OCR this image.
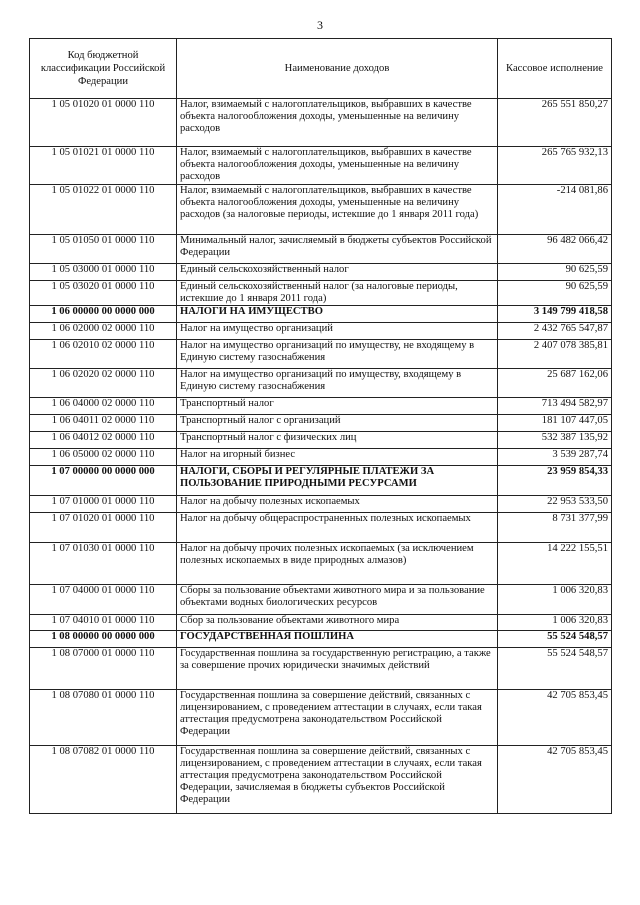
3
Код бюджетной классификации Российской Федерации	Наименование доходов	Кассовое исполнение
1 05 01020 01 0000 110	Налог, взимаемый с налогоплательщиков, выбравших в качестве объекта налогообложения доходы, уменьшенные на величину расходов	265 551 850,27
1 05 01021 01 0000 110	Налог, взимаемый с налогоплательщиков, выбравших в качестве объекта налогообложения доходы, уменьшенные на величину расходов	265 765 932,13
1 05 01022 01 0000 110	Налог, взимаемый с налогоплательщиков, выбравших в качестве объекта налогообложения доходы, уменьшенные на величину расходов (за налоговые периоды, истекшие до 1 января 2011 года)	-214 081,86
1 05 01050 01 0000 110	Минимальный налог, зачисляемый в бюджеты субъектов Российской Федерации	96 482 066,42
1 05 03000 01 0000 110	Единый сельскохозяйственный налог	90 625,59
1 05 03020 01 0000 110	Единый сельскохозяйственный налог (за налоговые периоды, истекшие до 1 января 2011 года)	90 625,59
1 06 00000 00 0000 000	НАЛОГИ НА ИМУЩЕСТВО	3 149 799 418,58
1 06 02000 02 0000 110	Налог на имущество организаций	2 432 765 547,87
1 06 02010 02 0000 110	Налог на имущество организаций по имуществу, не входящему в Единую систему газоснабжения	2 407 078 385,81
1 06 02020 02 0000 110	Налог на имущество организаций по имуществу, входящему в Единую систему газоснабжения	25 687 162,06
1 06 04000 02 0000 110	Транспортный налог	713 494 582,97
1 06 04011 02 0000 110	Транспортный налог с организаций	181 107 447,05
1 06 04012 02 0000 110	Транспортный налог с физических лиц	532 387 135,92
1 06 05000 02 0000 110	Налог на игорный бизнес	3 539 287,74
1 07 00000 00 0000 000	НАЛОГИ, СБОРЫ И РЕГУЛЯРНЫЕ ПЛАТЕЖИ ЗА ПОЛЬЗОВАНИЕ ПРИРОДНЫМИ РЕСУРСАМИ	23 959 854,33
1 07 01000 01 0000 110	Налог на добычу полезных ископаемых	22 953 533,50
1 07 01020 01 0000 110	Налог на добычу общераспространенных полезных ископаемых	8 731 377,99
1 07 01030 01 0000 110	Налог на добычу прочих полезных ископаемых (за исключением полезных ископаемых в виде природных алмазов)	14 222 155,51
1 07 04000 01 0000 110	Сборы за пользование объектами животного мира и за пользование объектами водных биологических ресурсов	1 006 320,83
1 07 04010 01 0000 110	Сбор за пользование объектами животного мира	1 006 320,83
1 08 00000 00 0000 000	ГОСУДАРСТВЕННАЯ ПОШЛИНА	55 524 548,57
1 08 07000 01 0000 110	Государственная пошлина за государственную регистрацию, а также за совершение прочих юридически значимых действий	55 524 548,57
1 08 07080 01 0000 110	Государственная пошлина за совершение действий, связанных с лицензированием, с проведением аттестации в случаях, если такая аттестация предусмотрена законодательством Российской Федерации	42 705 853,45
1 08 07082 01 0000 110	Государственная пошлина за совершение действий, связанных с лицензированием, с проведением аттестации в случаях, если такая аттестация предусмотрена законодательством Российской Федерации, зачисляемая в бюджеты субъектов Российской Федерации	42 705 853,45
